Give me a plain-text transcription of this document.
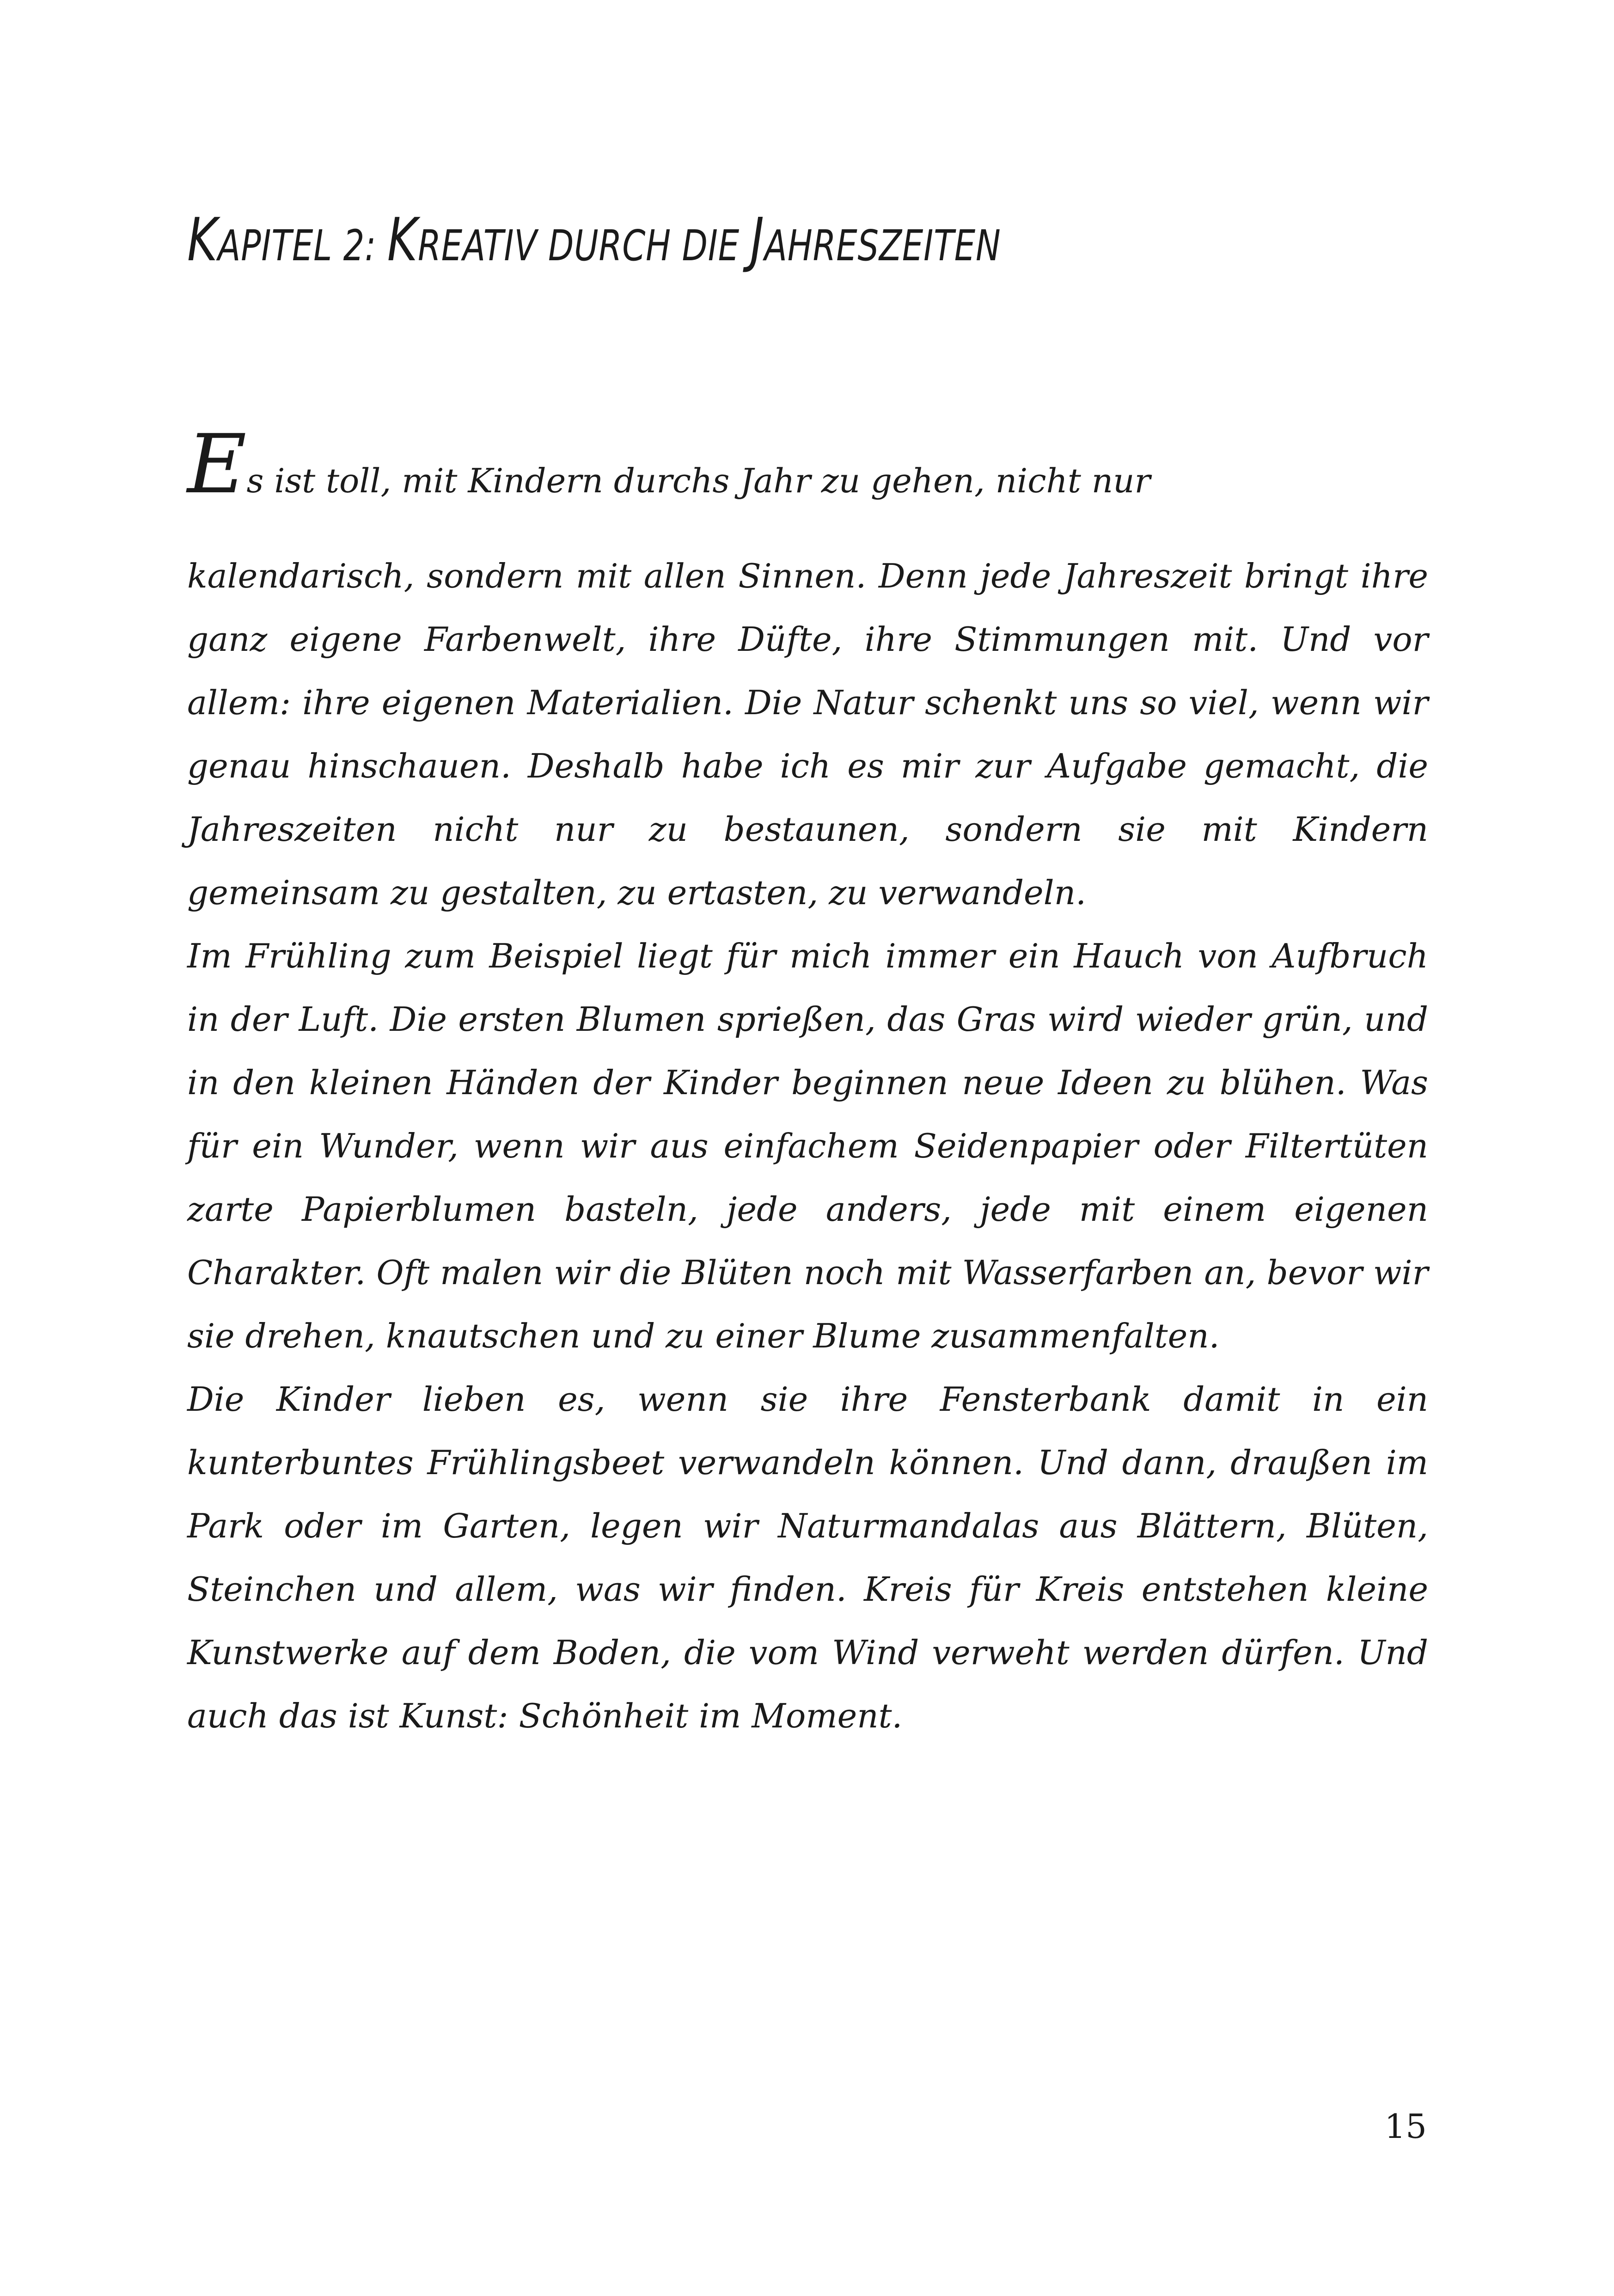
KAPITEL 2: KREATIV DURCH DIE JAHRESZEITEN

Es ist toll, mit Kindern durchs Jahr zu gehen, nicht nur

kalendarisch, sondern mit allen Sinnen. Denn jede Jahreszeit bringt ihre ganz eigene Farbenwelt, ihre Düfte, ihre Stimmungen mit. Und vor allem: ihre eigenen Materialien. Die Natur schenkt uns so viel, wenn wir genau hinschauen. Deshalb habe ich es mir zur Aufgabe gemacht, die Jahreszeiten nicht nur zu bestaunen, sondern sie mit Kindern gemeinsam zu gestalten, zu ertasten, zu verwandeln.

Im Frühling zum Beispiel liegt für mich immer ein Hauch von Aufbruch in der Luft. Die ersten Blumen sprießen, das Gras wird wieder grün, und in den kleinen Händen der Kinder beginnen neue Ideen zu blühen. Was für ein Wunder, wenn wir aus einfachem Seidenpapier oder Filtertüten zarte Papierblumen basteln, jede anders, jede mit einem eigenen Charakter. Oft malen wir die Blüten noch mit Wasserfarben an, bevor wir sie drehen, knautschen und zu einer Blume zusammenfalten.

Die Kinder lieben es, wenn sie ihre Fensterbank damit in ein kunterbuntes Frühlingsbeet verwandeln können. Und dann, draußen im Park oder im Garten, legen wir Naturmandalas aus Blättern, Blüten, Steinchen und allem, was wir finden. Kreis für Kreis entstehen kleine Kunstwerke auf dem Boden, die vom Wind verweht werden dürfen. Und auch das ist Kunst: Schönheit im Moment.

15
